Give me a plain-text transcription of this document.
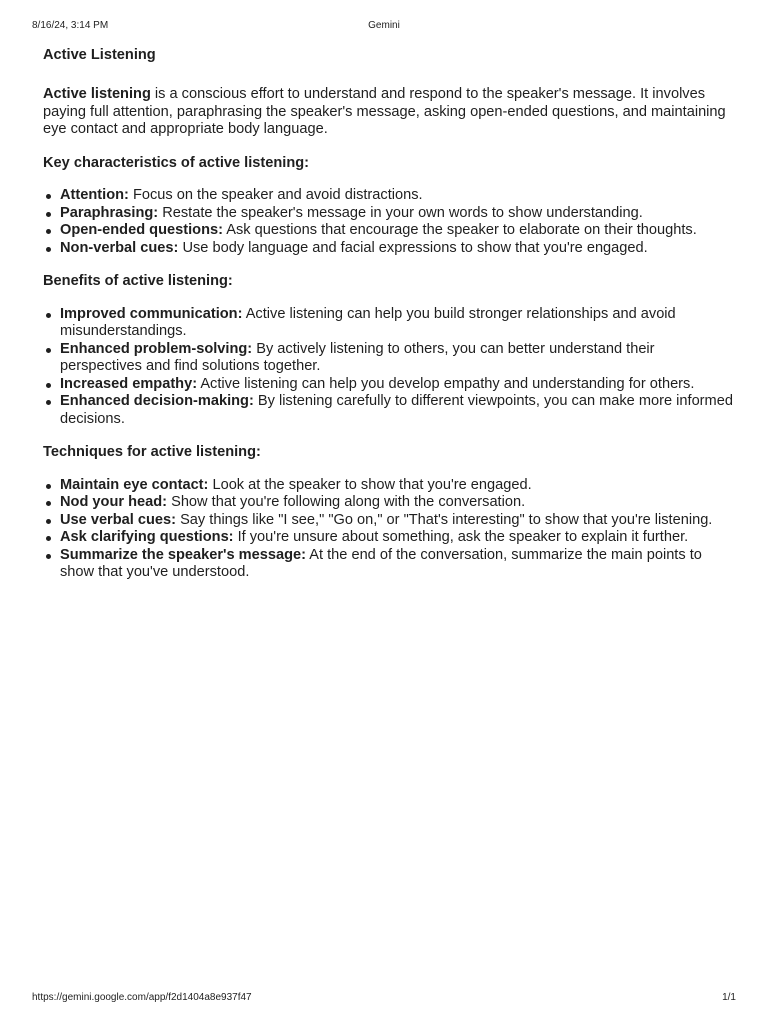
Gemini
8/16/24, 3:14 PM
Active Listening

Active listening is a conscious effort to understand and respond to the speaker's message. It involves paying full attention, paraphrasing the speaker's message, asking open-ended questions, and maintaining eye contact and appropriate body language.

Key characteristics of active listening:

Attention: Focus on the speaker and avoid distractions.
Paraphrasing: Restate the speaker's message in your own words to show understanding.
Open-ended questions: Ask questions that encourage the speaker to elaborate on their thoughts.
Non-verbal cues: Use body language and facial expressions to show that you're engaged.

Benefits of active listening:

Improved communication: Active listening can help you build stronger relationships and avoid misunderstandings.
Enhanced problem-solving: By actively listening to others, you can better understand their perspectives and find solutions together.
Increased empathy: Active listening can help you develop empathy and understanding for others.
Enhanced decision-making: By listening carefully to different viewpoints, you can make more informed decisions.

Techniques for active listening:

Maintain eye contact: Look at the speaker to show that you're engaged.
Nod your head: Show that you're following along with the conversation.
Use verbal cues: Say things like "I see," "Go on," or "That's interesting" to show that you're listening.
Ask clarifying questions: If you're unsure about something, ask the speaker to explain it further.
Summarize the speaker's message: At the end of the conversation, summarize the main points to show that you've understood.
https://gemini.google.com/app/f2d1404a8e937f47	1/1
